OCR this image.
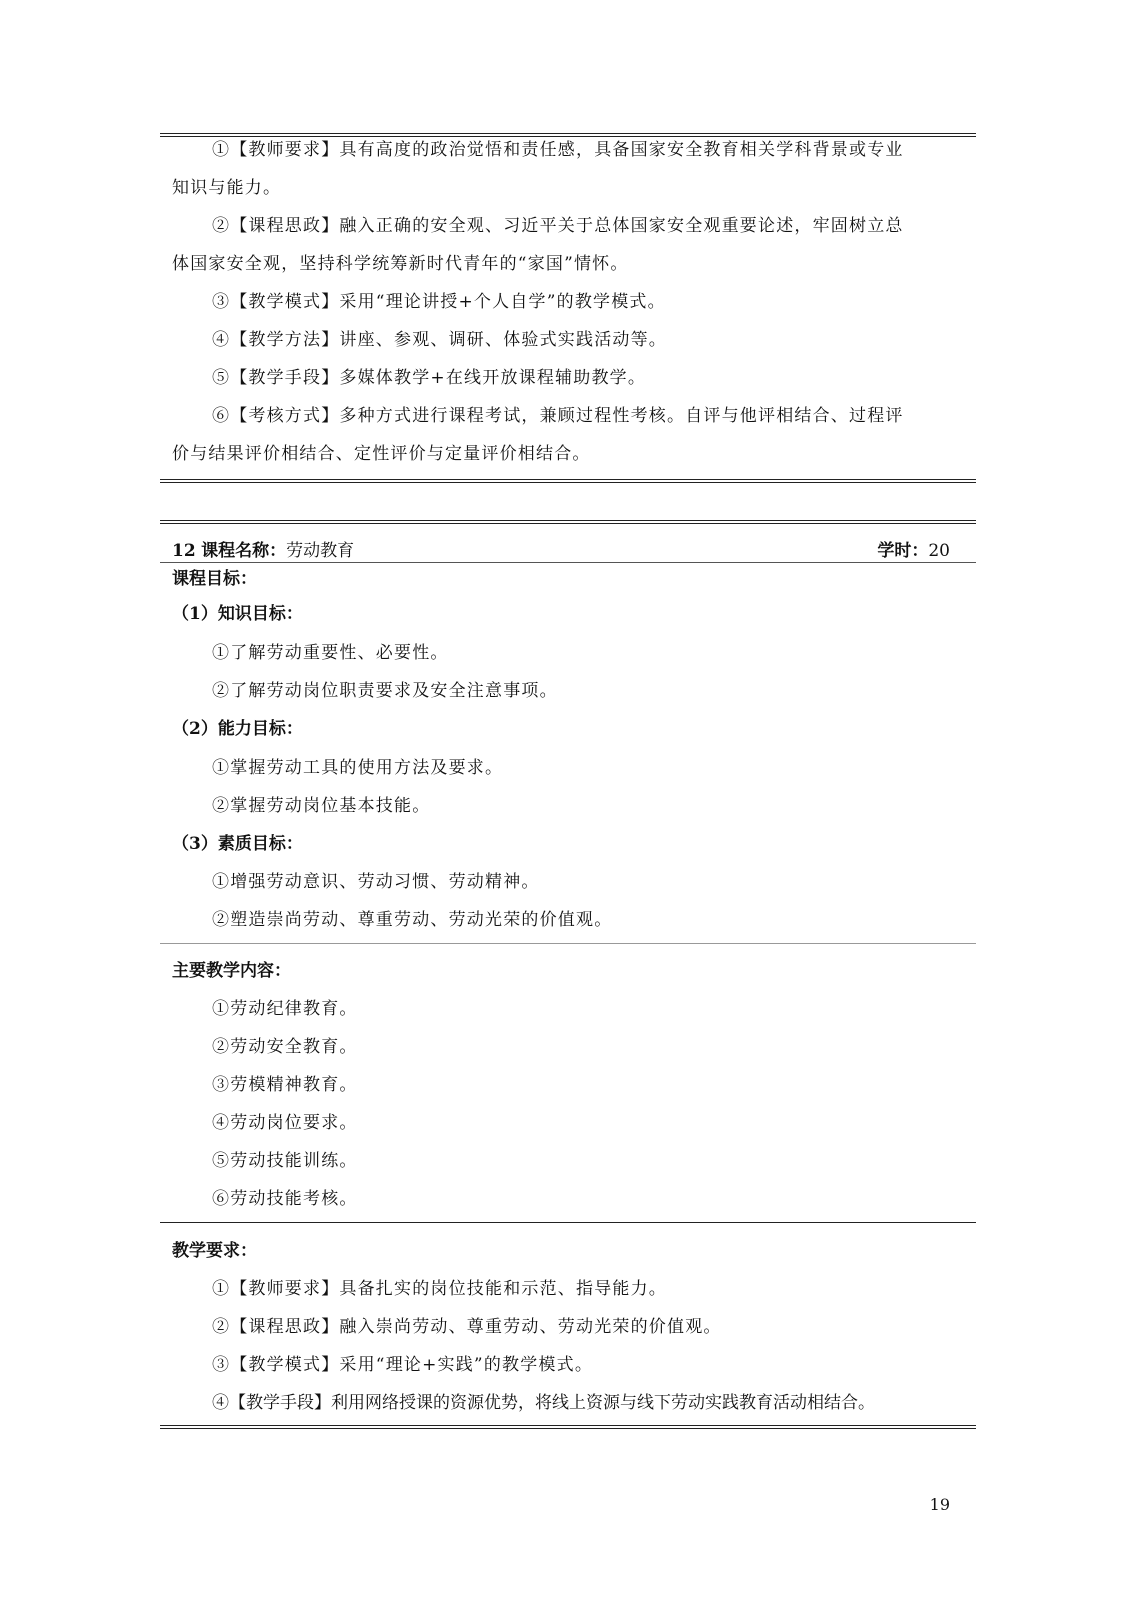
①【教师要求】具有高度的政治觉悟和责任感，具备国家安全教育相关学科背景或专业
知识与能力。
②【课程思政】融入正确的安全观、习近平关于总体国家安全观重要论述，牢固树立总
体国家安全观，坚持科学统筹新时代青年的“家国”情怀。
③【教学模式】采用“理论讲授+个人自学”的教学模式。
④【教学方法】讲座、参观、调研、体验式实践活动等。
⑤【教学手段】多媒体教学+在线开放课程辅助教学。
⑥【考核方式】多种方式进行课程考试，兼顾过程性考核。自评与他评相结合、过程评
价与结果评价相结合、定性评价与定量评价相结合。
12 课程名称：劳动教育	学时：20
课程目标：
（1）知识目标：
①了解劳动重要性、必要性。
②了解劳动岗位职责要求及安全注意事项。
（2）能力目标：
①掌握劳动工具的使用方法及要求。
②掌握劳动岗位基本技能。
（3）素质目标：
①增强劳动意识、劳动习惯、劳动精神。
②塑造崇尚劳动、尊重劳动、劳动光荣的价值观。
主要教学内容：
①劳动纪律教育。
②劳动安全教育。
③劳模精神教育。
④劳动岗位要求。
⑤劳动技能训练。
⑥劳动技能考核。
教学要求：
①【教师要求】具备扎实的岗位技能和示范、指导能力。
②【课程思政】融入崇尚劳动、尊重劳动、劳动光荣的价值观。
③【教学模式】采用“理论+实践”的教学模式。
④【教学手段】利用网络授课的资源优势，将线上资源与线下劳动实践教育活动相结合。
19
